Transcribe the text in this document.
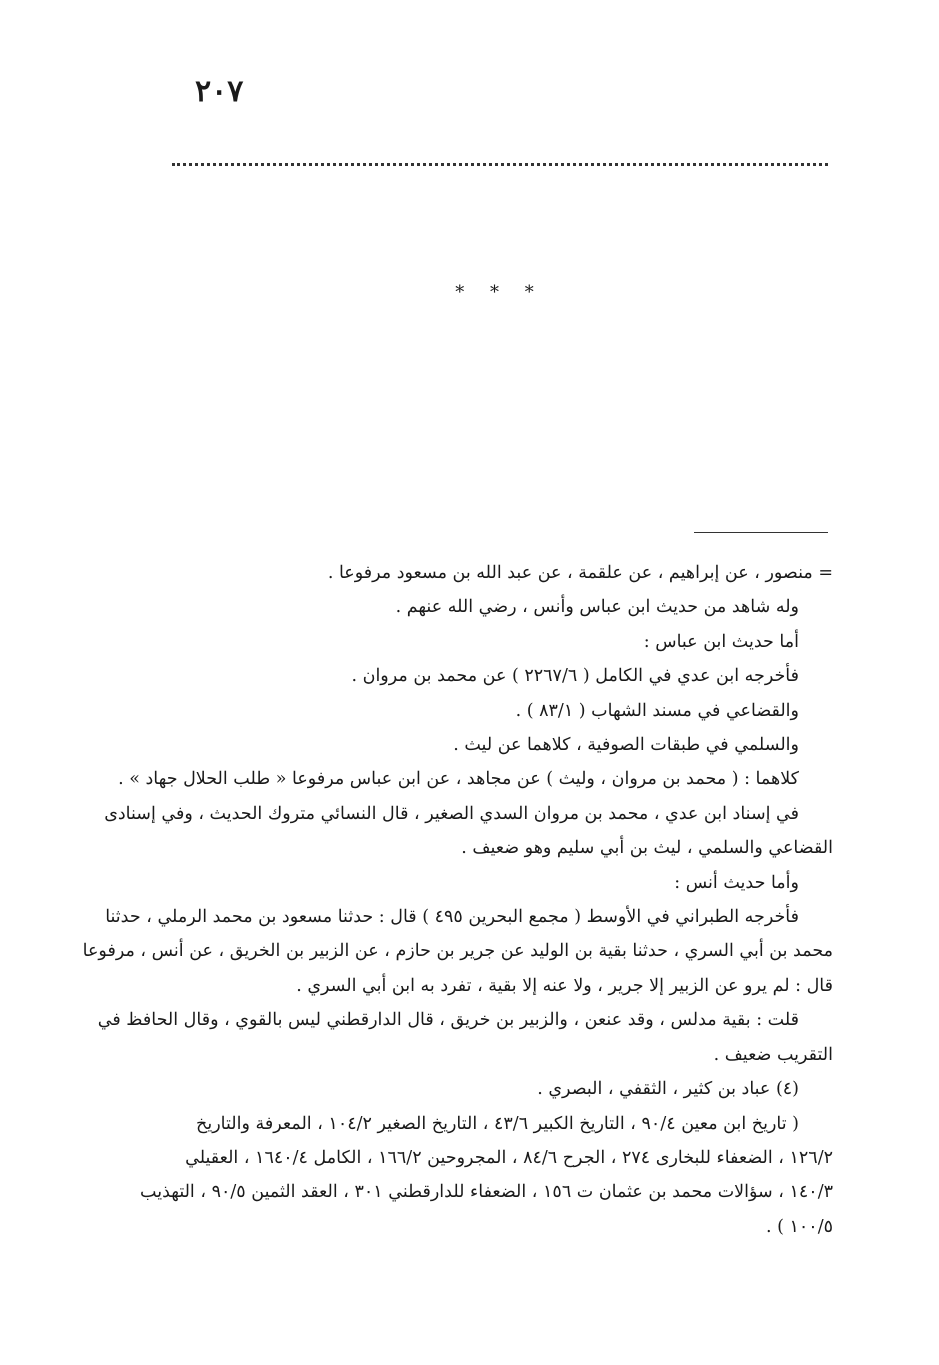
٢٠٧
* * *
= منصور ، عن إبراهيم ، عن علقمة ، عن عبد الله بن مسعود مرفوعا .
وله شاهد من حديث ابن عباس وأنس ، رضي الله عنهم .
أما حديث ابن عباس :
فأخرجه ابن عدي في الكامل ( ٢٢٦٧/٦ ) عن محمد بن مروان .
والقضاعي في مسند الشهاب ( ٨٣/١ ) .
والسلمي في طبقات الصوفية ، كلاهما عن ليث .
كلاهما : ( محمد بن مروان ، وليث ) عن مجاهد ، عن ابن عباس مرفوعا « طلب الحلال جهاد » .
في إسناد ابن عدي ، محمد بن مروان السدي الصغير ، قال النسائي متروك الحديث ، وفي إسنادى
القضاعي والسلمي ، ليث بن أبي سليم وهو ضعيف .
وأما حديث أنس :
فأخرجه الطبراني في الأوسط ( مجمع البحرين ٤٩٥ ) قال : حدثنا مسعود بن محمد الرملي ، حدثنا
محمد بن أبي السري ، حدثنا بقية بن الوليد عن جرير بن حازم ، عن الزبير بن الخريق ، عن أنس ، مرفوعا
قال : لم يرو عن الزبير إلا جرير ، ولا عنه إلا بقية ، تفرد به ابن أبي السري .
قلت : بقية مدلس ، وقد عنعن ، والزبير بن خريق ، قال الدارقطني ليس بالقوي ، وقال الحافظ في
التقريب ضعيف .
(٤) عباد بن كثير ، الثقفي ، البصري .
( تاريخ ابن معين ٩٠/٤ ، التاريخ الكبير ٤٣/٦ ، التاريخ الصغير ١٠٤/٢ ، المعرفة والتاريخ
١٢٦/٢ ، الضعفاء للبخارى ٢٧٤ ، الجرح ٨٤/٦ ، المجروحين ١٦٦/٢ ، الكامل ١٦٤٠/٤ ، العقيلي
١٤٠/٣ ، سؤالات محمد بن عثمان ت ١٥٦ ، الضعفاء للدارقطني ٣٠١ ، العقد الثمين ٩٠/٥ ، التهذيب
١٠٠/٥ ) .
